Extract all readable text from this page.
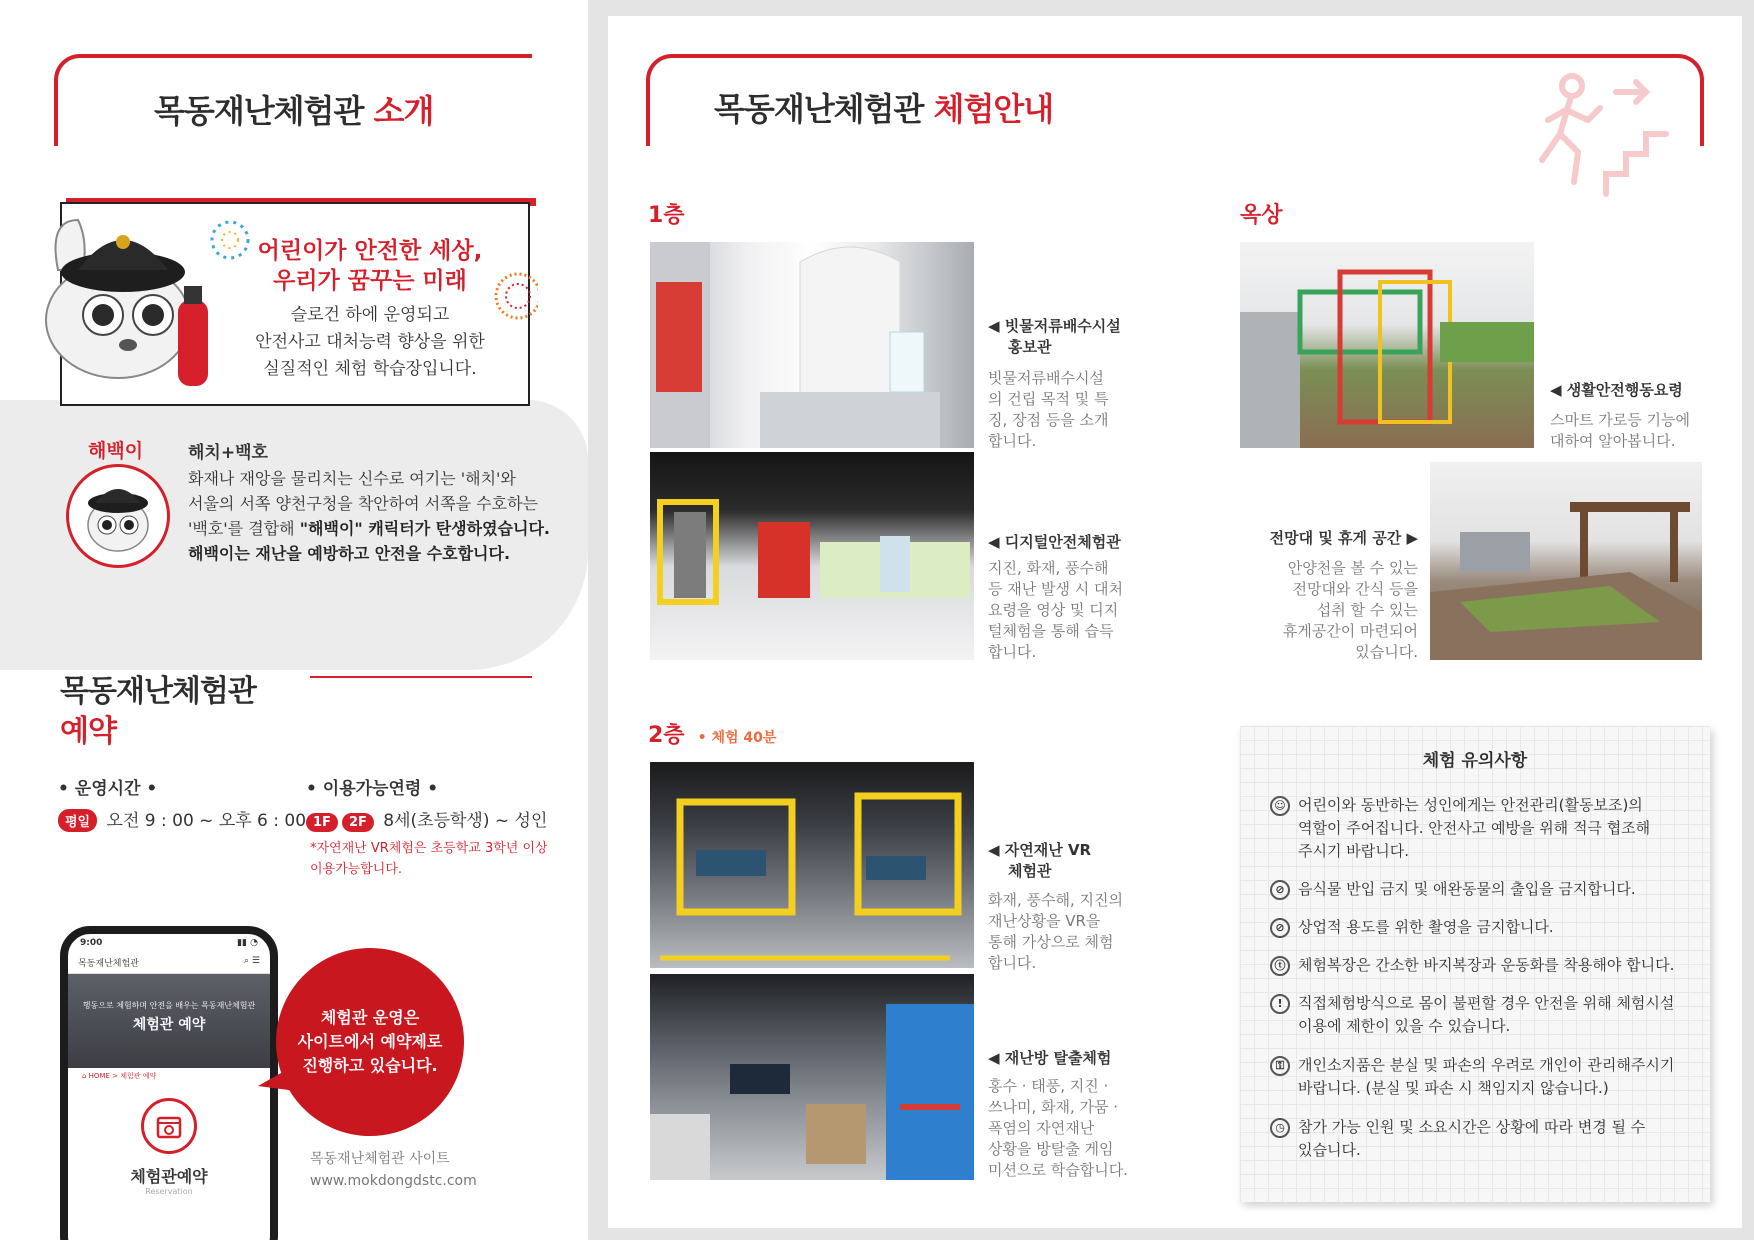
목동재난체험관 소개
어린이가 안전한 세상,
우리가 꿈꾸는 미래
슬로건 하에 운영되고
안전사고 대처능력 향상을 위한
실질적인 체험 학습장입니다.
해백이	해치+백호
화재나 재앙을 물리치는 신수로 여기는 '해치'와
서울의 서쪽 양천구청을 착안하여 서쪽을 수호하는
'백호'를 결합해 "해백이" 캐릭터가 탄생하였습니다.
해백이는 재난을 예방하고 안전을 수호합니다.
목동재난체험관
예약
• 운영시간 •
평일 오전 9 : 00 ~ 오후 6 : 00
• 이용가능연령 •
1F 2F 8세(초등학생) ~ 성인
*자연재난 VR체험은 초등학교 3학년 이상
이용가능합니다.
9:00	▮▮ ◔
목동재난체험관	⌕ ☰
행동으로 체험하며 안전을 배우는 목동재난체험관
체험관 예약
⌂ HOME > 체험관 예약
체험관예약
Reservation
체험관 운영은
사이트에서 예약제로
진행하고 있습니다.
목동재난체험관 사이트
www.mokdongdstc.com
목동재난체험관 체험안내
1층
◀ 빗물저류배수시설
홍보관
빗물저류배수시설
의 건립 목적 및 특
징, 장점 등을 소개
합니다.
◀ 디지털안전체험관
지진, 화재, 풍수해
등 재난 발생 시 대처
요령을 영상 및 디지
털체험을 통해 습득
합니다.
2층 • 체험 40분
◀ 자연재난 VR
체험관
화재, 풍수해, 지진의
재난상황을 VR을
통해 가상으로 체험
합니다.
◀ 재난방 탈출체험
홍수 · 태풍, 지진 ·
쓰나미, 화재, 가뭄 ·
폭염의 자연재난
상황을 방탈출 게임
미션으로 학습합니다.
옥상
◀ 생활안전행동요령
스마트 가로등 기능에
대하여 알아봅니다.
전망대 및 휴게 공간 ▶
안양천을 볼 수 있는
전망대와 간식 등을
섭취 할 수 있는
휴게공간이 마련되어
있습니다.
체험 유의사항
☺ 어린이와 동반하는 성인에게는 안전관리(활동보조)의
역할이 주어집니다. 안전사고 예방을 위해 적극 협조해
주시기 바랍니다.
⊘ 음식물 반입 금지 및 애완동물의 출입을 금지합니다.
⊘ 상업적 용도를 위한 촬영을 금지합니다.
ⓣ 체험복장은 간소한 바지복장과 운동화를 착용해야 합니다.
!	직접체험방식으로 몸이 불편할 경우 안전을 위해 체험시설
이용에 제한이 있을 수 있습니다.
⚿ 개인소지품은 분실 및 파손의 우려로 개인이 관리해주시기
바랍니다. (분실 및 파손 시 책임지지 않습니다.)
◷ 참가 가능 인원 및 소요시간은 상황에 따라 변경 될 수
있습니다.
